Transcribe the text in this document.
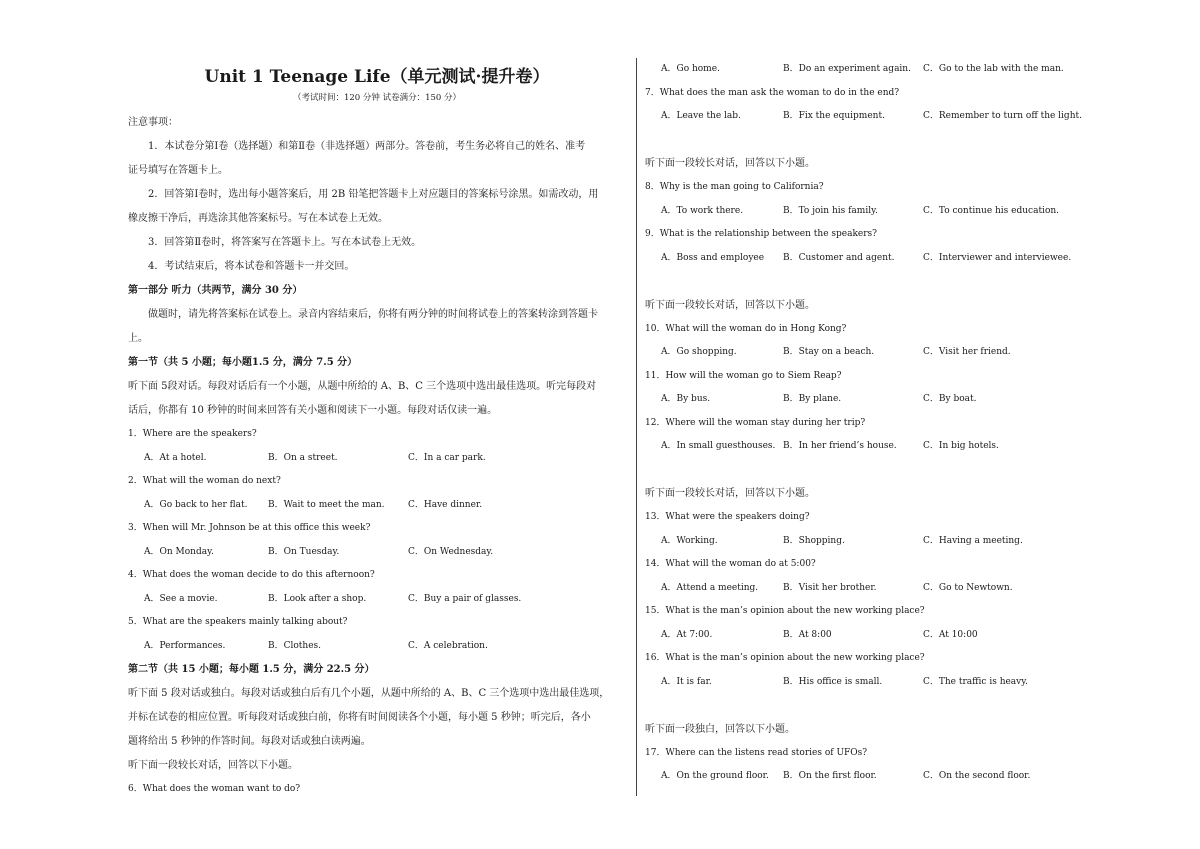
Unit 1 Teenage Life（单元测试·提升卷）
（考试时间：120 分钟 试卷满分：150 分）
注意事项：
1．本试卷分第Ⅰ卷（选择题）和第Ⅱ卷（非选择题）两部分。答卷前，考生务必将自己的姓名、准考
证号填写在答题卡上。
2．回答第Ⅰ卷时，选出每小题答案后，用 2B 铅笔把答题卡上对应题目的答案标号涂黑。如需改动，用
橡皮擦干净后，再选涂其他答案标号。写在本试卷上无效。
3．回答第Ⅱ卷时，将答案写在答题卡上。写在本试卷上无效。
4．考试结束后，将本试卷和答题卡一并交回。
第一部分 听力（共两节，满分 30 分）
做题时，请先将答案标在试卷上。录音内容结束后，你将有两分钟的时间将试卷上的答案转涂到答题卡
上。
第一节（共 5 小题；每小题1.5 分，满分 7.5 分）
听下面 5段对话。每段对话后有一个小题，从题中所给的 A、B、C 三个选项中选出最佳选项。听完每段对
话后，你都有 10 秒钟的时间来回答有关小题和阅读下一小题。每段对话仅读一遍。
1．Where are the speakers?
A．At a hotel.	B．On a street.	C．In a car park.
2．What will the woman do next?
A．Go back to her flat.	B．Wait to meet the man.	C．Have dinner.
3．When will Mr. Johnson be at this office this week?
A．On Monday.	B．On Tuesday.	C．On Wednesday.
4．What does the woman decide to do this afternoon?
A．See a movie.	B．Look after a shop.	C．Buy a pair of glasses.
5．What are the speakers mainly talking about?
A．Performances.	B．Clothes.	C．A celebration.
第二节（共 15 小题；每小题 1.5 分，满分 22.5 分）
听下面 5 段对话或独白。每段对话或独白后有几个小题，从题中所给的 A、B、C 三个选项中选出最佳选项，
并标在试卷的相应位置。听每段对话或独白前，你将有时间阅读各个小题，每小题 5 秒钟；听完后，各小
题将给出 5 秒钟的作答时间。每段对话或独白读两遍。
听下面一段较长对话，回答以下小题。
6．What does the woman want to do?
A．Go home.	B．Do an experiment again.	C．Go to the lab with the man.
7．What does the man ask the woman to do in the end?
A．Leave the lab.	B．Fix the equipment.	C．Remember to turn off the light.
听下面一段较长对话，回答以下小题。
8．Why is the man going to California?
A．To work there.	B．To join his family.	C．To continue his education.
9．What is the relationship between the speakers?
A．Boss and employee	B．Customer and agent.	C．Interviewer and interviewee.
听下面一段较长对话，回答以下小题。
10．What will the woman do in Hong Kong?
A．Go shopping.	B．Stay on a beach.	C．Visit her friend.
11．How will the woman go to Siem Reap?
A．By bus.	B．By plane.	C．By boat.
12．Where will the woman stay during her trip?
A．In small guesthouses. B．In her friend’s house.	C．In big hotels.
听下面一段较长对话，回答以下小题。
13．What were the speakers doing?
A．Working.	B．Shopping.	C．Having a meeting.
14．What will the woman do at 5:00?
A．Attend a meeting.	B．Visit her brother.	C．Go to Newtown.
15．What is the man’s opinion about the new working place?
A．At 7:00.	B．At 8:00	C．At 10:00
16．What is the man’s opinion about the new working place?
A．It is far.	B．His office is small.	C．The traffic is heavy.
听下面一段独白，回答以下小题。
17．Where can the listens read stories of UFOs?
A．On the ground floor.	B．On the first floor.	C．On the second floor.
